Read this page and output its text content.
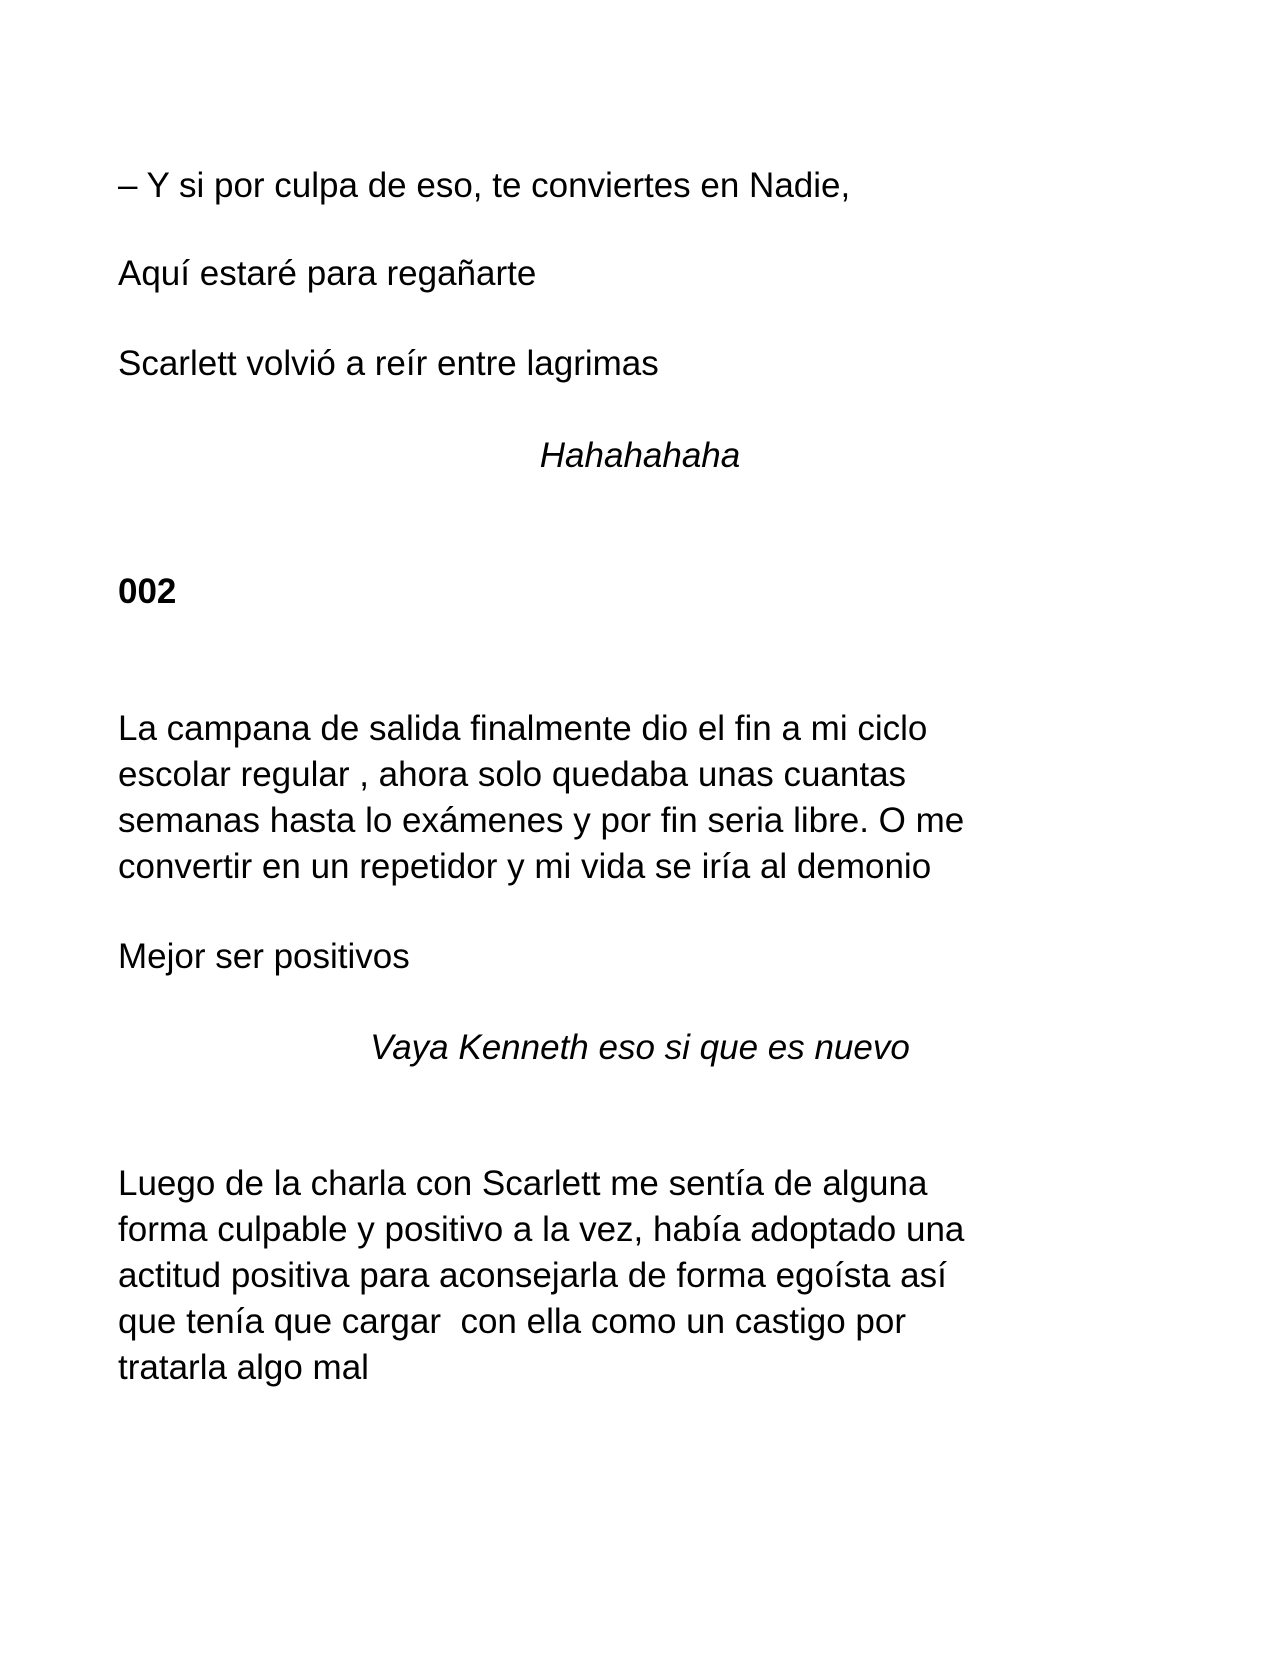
– Y si por culpa de eso, te conviertes en Nadie,

Aquí estaré para regañarte

Scarlett volvió a reír entre lagrimas

Hahahahaha

002

La campana de salida finalmente dio el fin a mi ciclo

escolar regular , ahora solo quedaba unas cuantas

semanas hasta lo exámenes y por fin seria libre. O me

convertir en un repetidor y mi vida se iría al demonio

Mejor ser positivos

Vaya Kenneth eso si que es nuevo

Luego de la charla con Scarlett me sentía de alguna

forma culpable y positivo a la vez, había adoptado una

actitud positiva para aconsejarla de forma egoísta así

que tenía que cargar  con ella como un castigo por

tratarla algo mal
